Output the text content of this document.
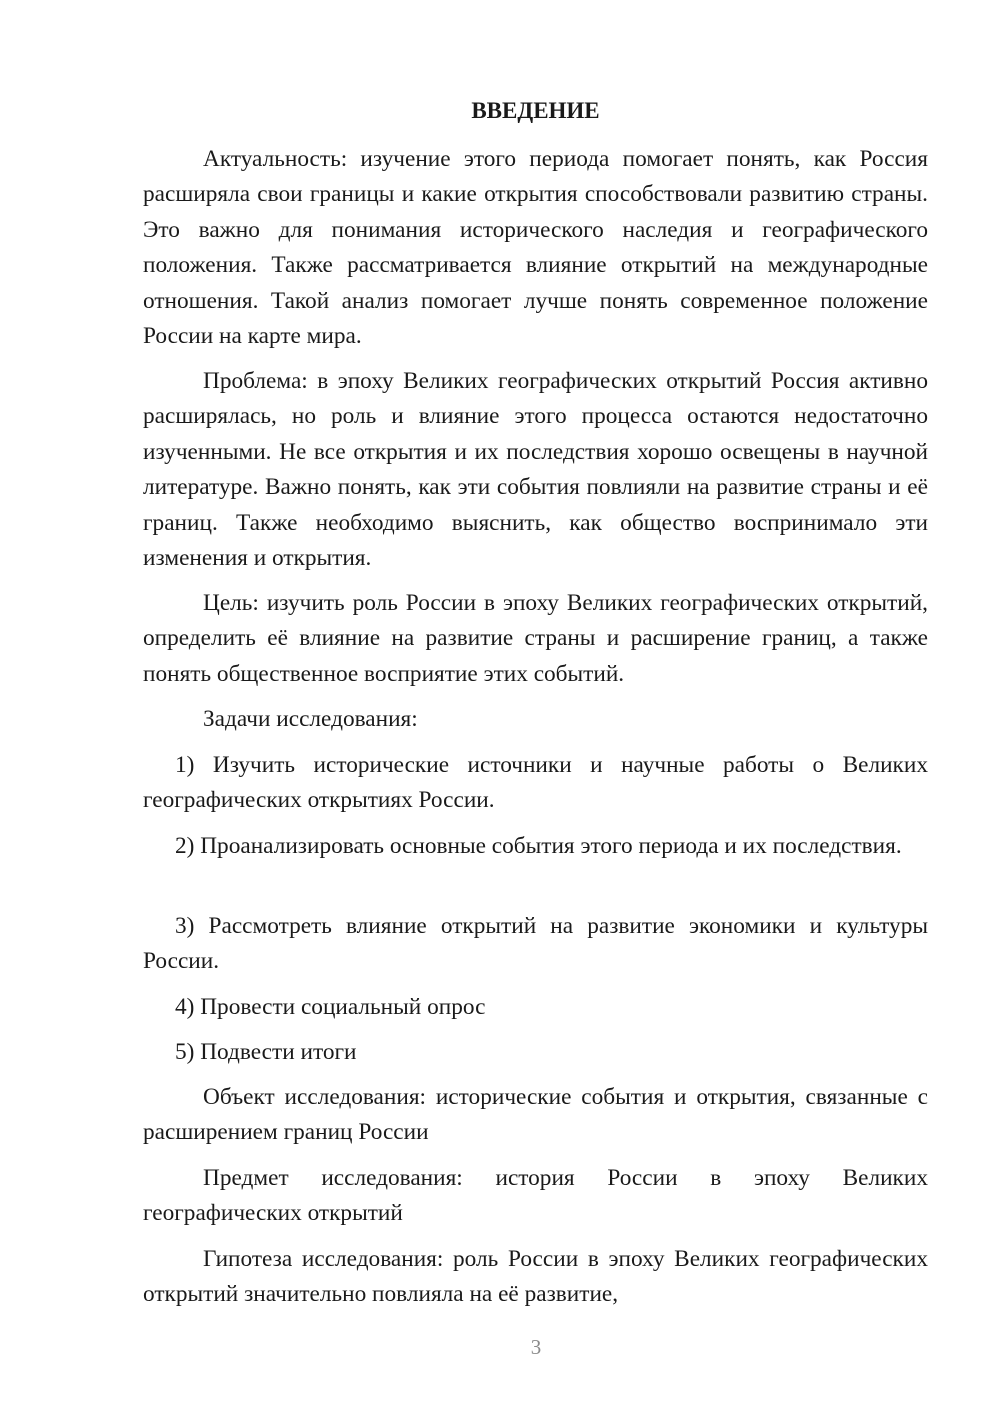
ВВЕДЕНИЕ

Актуальность: изучение этого периода помогает понять, как Россия расширяла свои границы и какие открытия способствовали развитию страны. Это важно для понимания исторического наследия и географического положения. Также рассматривается влияние открытий на международные отношения. Такой анализ помогает лучше понять современное положение России на карте мира.

Проблема: в эпоху Великих географических открытий Россия активно расширялась, но роль и влияние этого процесса остаются недостаточно изученными. Не все открытия и их последствия хорошо освещены в научной литературе. Важно понять, как эти события повлияли на развитие страны и её границ. Также необходимо выяснить, как общество воспринимало эти изменения и открытия.

Цель: изучить роль России в эпоху Великих географических открытий, определить её влияние на развитие страны и расширение границ, а также понять общественное восприятие этих событий.

Задачи исследования:

1) Изучить исторические источники и научные работы о Великих географических открытиях России.

2) Проанализировать основные события этого периода и их последствия.

3) Рассмотреть влияние открытий на развитие экономики и культуры России.

4) Провести социальный опрос

5) Подвести итоги

Объект исследования: исторические события и открытия, связанные с расширением границ России

Предмет исследования: история России в эпоху Великих географических открытий

Гипотеза исследования: роль России в эпоху Великих географических открытий значительно повлияла на её развитие,

3
